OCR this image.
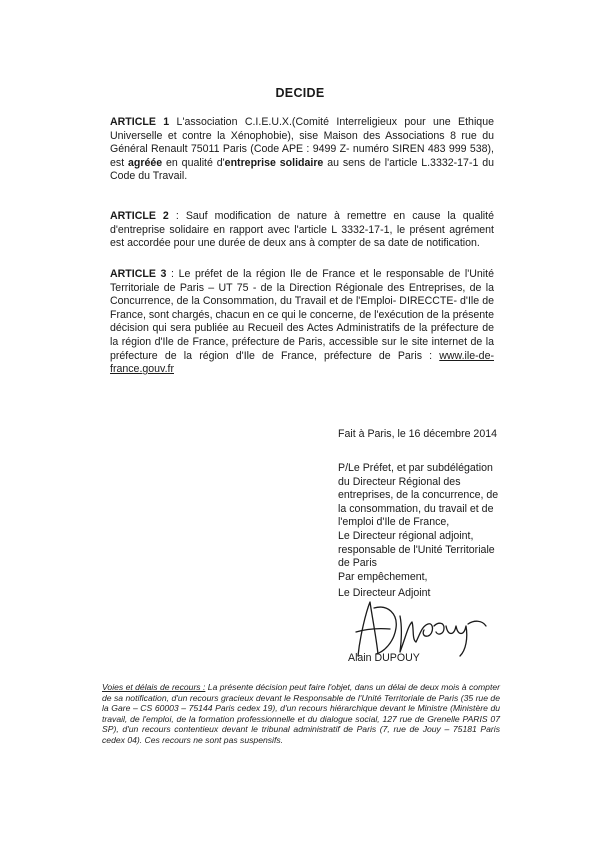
DECIDE
ARTICLE 1 L'association C.I.E.U.X.(Comité Interreligieux pour une Ethique Universelle et contre la Xénophobie), sise Maison des Associations 8 rue du Général Renault 75011 Paris (Code APE : 9499 Z- numéro SIREN 483 999 538), est agréée en qualité d'entreprise solidaire au sens de l'article L.3332-17-1 du Code du Travail.
ARTICLE 2 : Sauf modification de nature à remettre en cause la qualité d'entreprise solidaire en rapport avec l'article L 3332-17-1, le présent agrément est accordée pour une durée de deux ans à compter de sa date de notification.
ARTICLE 3 : Le préfet de la région Ile de France et le responsable de l'Unité Territoriale de Paris – UT 75 - de la Direction Régionale des Entreprises, de la Concurrence, de la Consommation, du Travail et de l'Emploi- DIRECCTE- d'Ile de France, sont chargés, chacun en ce qui le concerne, de l'exécution de la présente décision qui sera publiée au Recueil des Actes Administratifs de la préfecture de la région d'Ile de France, préfecture de Paris, accessible sur le site internet de la préfecture de la région d'Ile de France, préfecture de Paris : www.ile-de-france.gouv.fr
Fait à Paris, le 16 décembre 2014
P/Le Préfet, et par subdélégation
du Directeur Régional des
entreprises, de la concurrence, de
la consommation, du travail et de
l'emploi d'Ile de France,
Le Directeur régional adjoint,
responsable de l'Unité Territoriale
de Paris
Par empêchement,
Le Directeur Adjoint
Alain DUPOUY
Voies et délais de recours : La présente décision peut faire l'objet, dans un délai de deux mois à compter de sa notification, d'un recours gracieux devant le Responsable de l'Unité Territoriale de Paris (35 rue de la Gare – CS 60003 – 75144 Paris cedex 19), d'un recours hiérarchique devant le Ministre (Ministère du travail, de l'emploi, de la formation professionnelle et du dialogue social, 127 rue de Grenelle PARIS 07 SP), d'un recours contentieux devant le tribunal administratif de Paris (7, rue de Jouy – 75181 Paris cedex 04). Ces recours ne sont pas suspensifs.
